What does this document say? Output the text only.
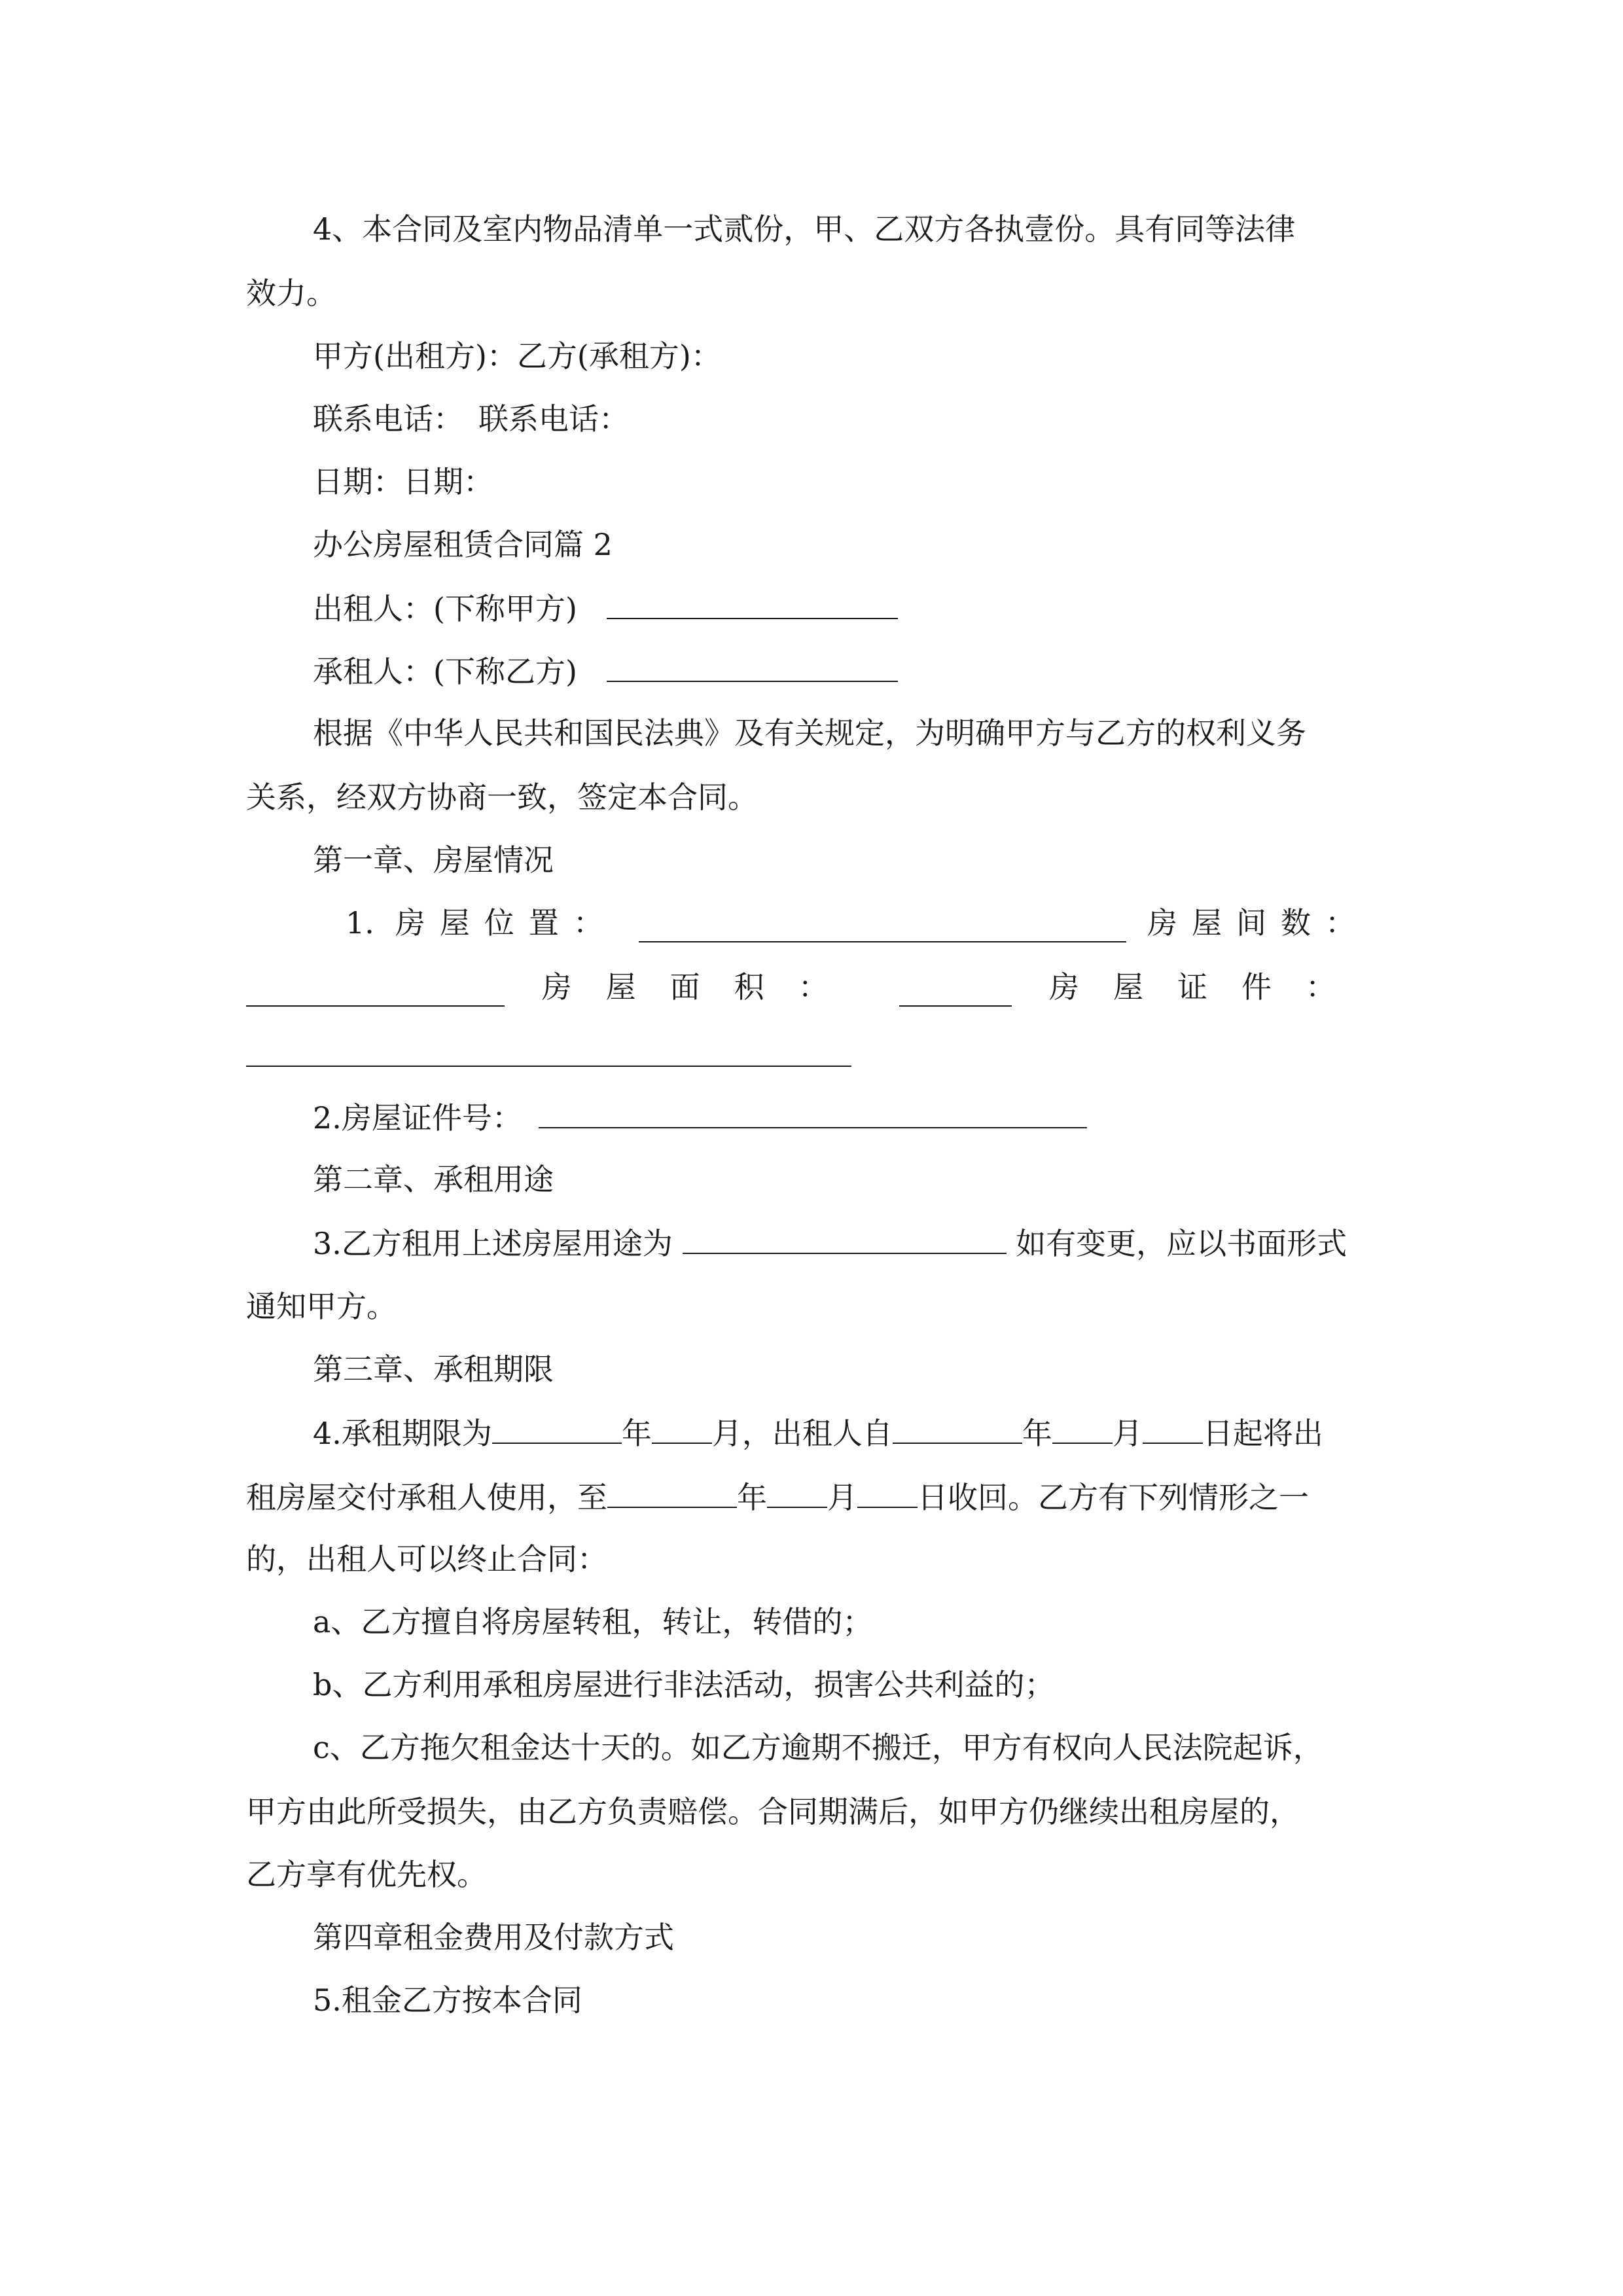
4、本合同及室内物品清单一式贰份，甲、乙双方各执壹份。具有同等法律
效力。
甲方(出租方)：乙方(承租方)：
联系电话：　联系电话：
日期：日期：
办公房屋租赁合同篇 2
出租人：(下称甲方)
承租人：(下称乙方)
根据《中华人民共和国民法典》及有关规定，为明确甲方与乙方的权利义务
关系，经双方协商一致，签定本合同。
第一章、房屋情况
1. 房屋位置：	房屋间数：
房屋面积：	房屋证件：
2.房屋证件号：
第二章、承租用途
3.乙方租用上述房屋用途为	如有变更，应以书面形式
通知甲方。
第三章、承租期限
4.承租期限为	年 月，出租人自	年 月 日起将出
租房屋交付承租人使用，至	年 月 日收回。乙方有下列情形之一
的，出租人可以终止合同：
a、乙方擅自将房屋转租，转让，转借的；
b、乙方利用承租房屋进行非法活动，损害公共利益的；
c、乙方拖欠租金达十天的。如乙方逾期不搬迁，甲方有权向人民法院起诉，
甲方由此所受损失，由乙方负责赔偿。合同期满后，如甲方仍继续出租房屋的，
乙方享有优先权。
第四章租金费用及付款方式
5.租金乙方按本合同
